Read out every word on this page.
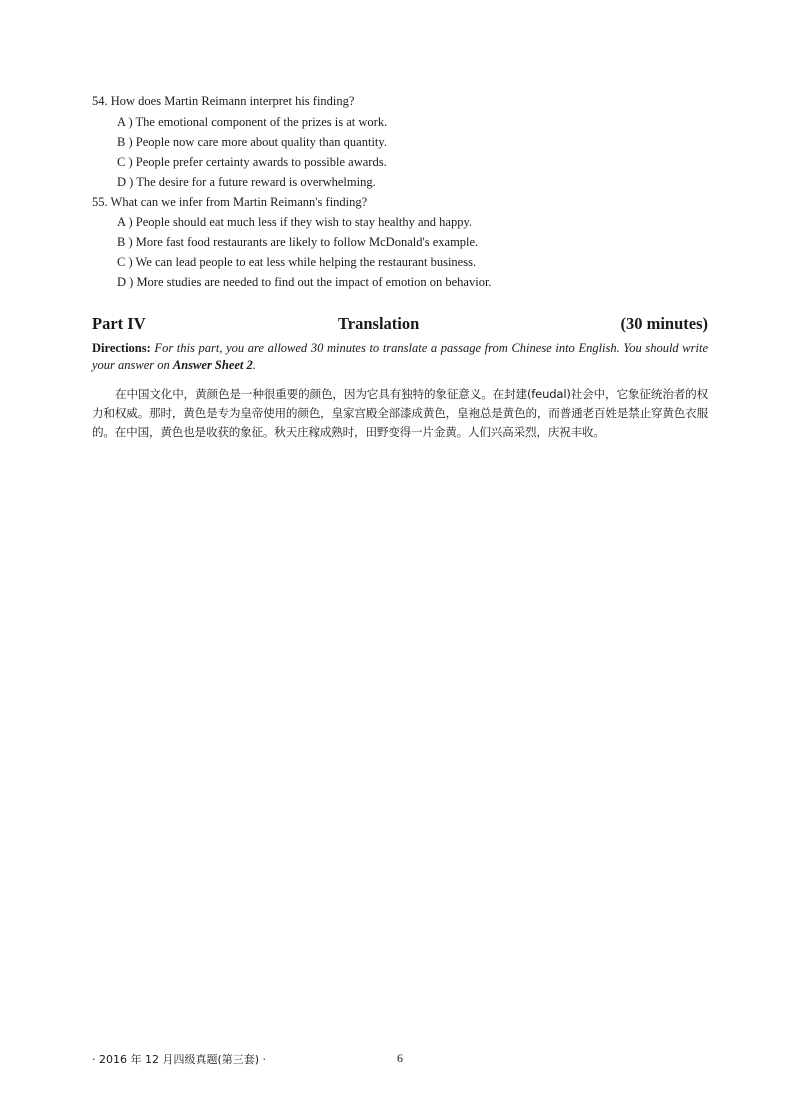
54. How does Martin Reimann interpret his finding?
A ) The emotional component of the prizes is at work.
B ) People now care more about quality than quantity.
C ) People prefer certainty awards to possible awards.
D ) The desire for a future reward is overwhelming.
55. What can we infer from Martin Reimann's finding?
A ) People should eat much less if they wish to stay healthy and happy.
B ) More fast food restaurants are likely to follow McDonald's example.
C ) We can lead people to eat less while helping the restaurant business.
D ) More studies are needed to find out the impact of emotion on behavior.
Part IV	Translation	(30 minutes)
Directions: For this part, you are allowed 30 minutes to translate a passage from Chinese into English. You should write your answer on Answer Sheet 2.
在中国文化中，黄颜色是一种很重要的颜色，因为它具有独特的象征意义。在封建(feudal)社会中，它象征统治者的权力和权威。那时，黄色是专为皇帝使用的颜色，皇家宫殿全部漆成黄色，皇袍总是黄色的，而普通老百姓是禁止穿黄色衣服的。在中国，黄色也是收获的象征。秋天庄稼成熟时，田野变得一片金黄。人们兴高采烈，庆祝丰收。
· 2016 年 12 月四级真题(第三套) ·	6
